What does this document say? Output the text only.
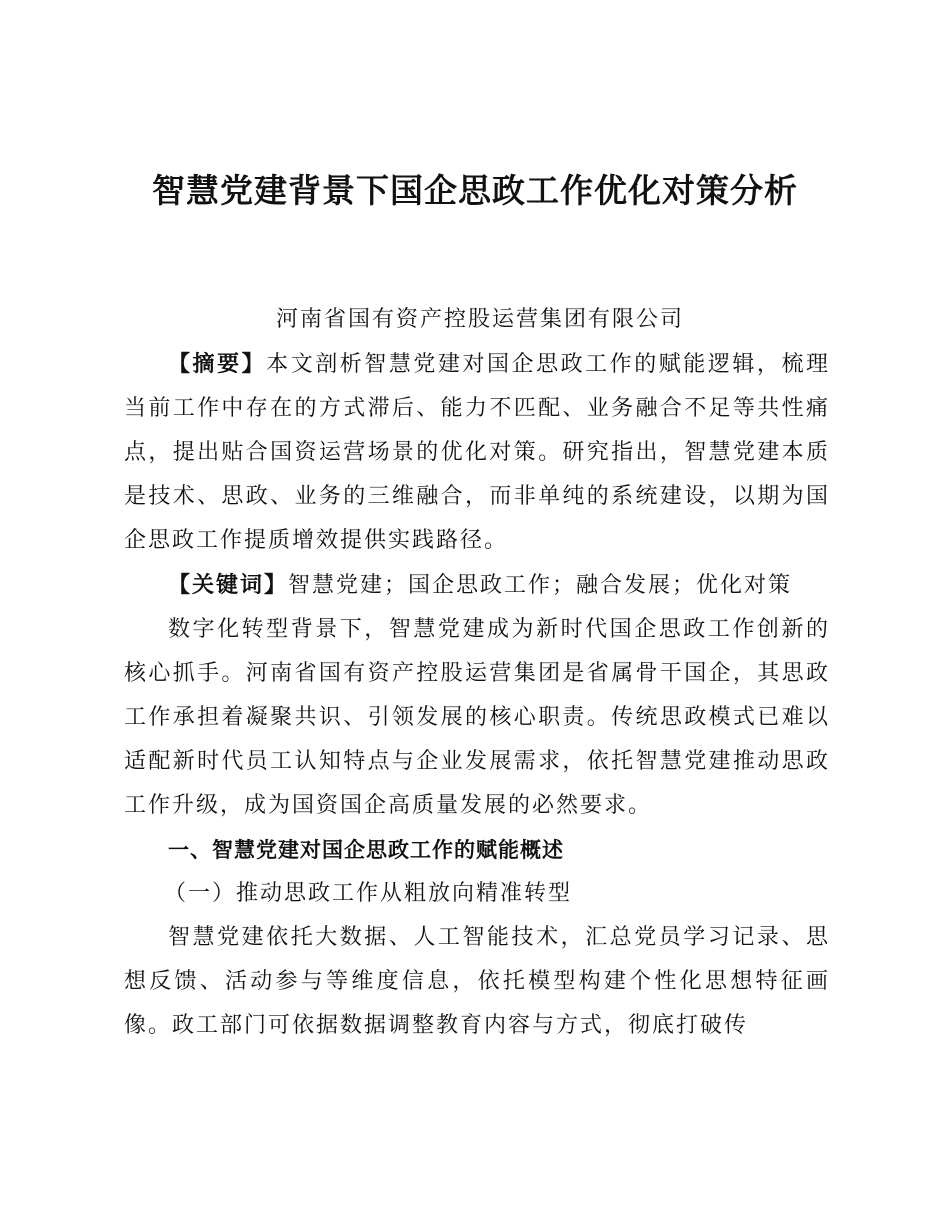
智慧党建背景下国企思政工作优化对策分析
河南省国有资产控股运营集团有限公司

【摘要】本文剖析智慧党建对国企思政工作的赋能逻辑，梳理当前工作中存在的方式滞后、能力不匹配、业务融合不足等共性痛点，提出贴合国资运营场景的优化对策。研究指出，智慧党建本质是技术、思政、业务的三维融合，而非单纯的系统建设，以期为国企思政工作提质增效提供实践路径。

【关键词】智慧党建；国企思政工作；融合发展；优化对策

数字化转型背景下，智慧党建成为新时代国企思政工作创新的核心抓手。河南省国有资产控股运营集团是省属骨干国企，其思政工作承担着凝聚共识、引领发展的核心职责。传统思政模式已难以适配新时代员工认知特点与企业发展需求，依托智慧党建推动思政工作升级，成为国资国企高质量发展的必然要求。

一、智慧党建对国企思政工作的赋能概述

（一）推动思政工作从粗放向精准转型

智慧党建依托大数据、人工智能技术，汇总党员学习记录、思想反馈、活动参与等维度信息，依托模型构建个性化思想特征画像。政工部门可依据数据调整教育内容与方式，彻底打破传
